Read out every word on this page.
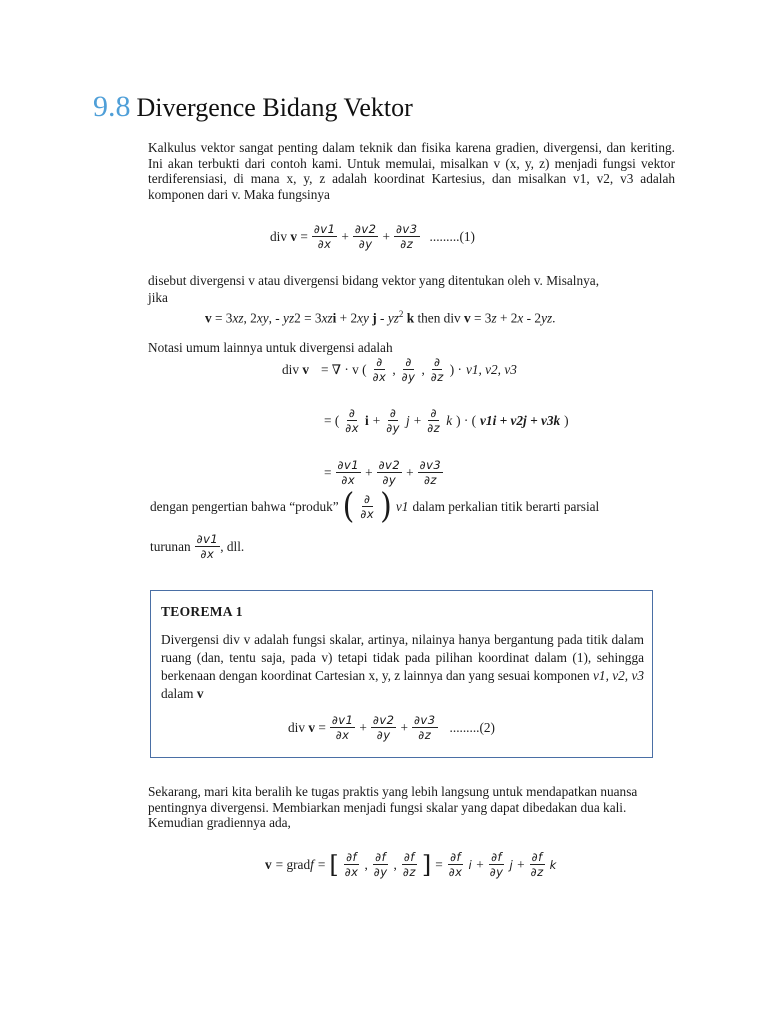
9.8 Divergence Bidang Vektor
Kalkulus vektor sangat penting dalam teknik dan fisika karena gradien, divergensi, dan keriting. Ini akan terbukti dari contoh kami. Untuk memulai, misalkan v (x, y, z) menjadi fungsi vektor terdiferensiasi, di mana x, y, z adalah koordinat Kartesius, dan misalkan v1, v2, v3 adalah komponen dari v. Maka fungsinya
div $v = \frac{\partial v1}{\partial x} + \frac{\partial v2}{\partial y} + \frac{\partial v3}{\partial z} .........(1)$
disebut divergensi v atau divergensi bidang vektor yang ditentukan oleh v. Misalnya,
jika
v = 3xz, 2xy, - yz2 = 3xzi + 2xy j - $yz^2$ k then div v = 3z + 2x - 2yz.
Notasi umum lainnya untuk divergensi adalah
div v = ∇ · v ( $\frac{\partial}{\partial x}$ , $\frac{\partial}{\partial y}$ , $\frac{\partial}{\partial z}$ ) · v1, v2, v3
= ( $\frac{\partial}{\partial x}$ $i + \frac{\partial}{\partial y}$ $j + \frac{\partial}{\partial z}$ k ) · ( v1i + v2j + v3k )
= $\frac{\partial v1}{\partial x} + \frac{\partial v2}{\partial y} + \frac{\partial v3}{\partial z}$
dengan pengertian bahwa “produk” ( $\frac{\partial}{\partial x}$ ) v1 dalam perkalian titik berarti parsial
turunan $\frac{\partial v1}{\partial x}$ , dll.
TEOREMA 1
Divergensi div v adalah fungsi skalar, artinya, nilainya hanya bergantung pada titik dalam ruang (dan, tentu saja, pada v) tetapi tidak pada pilihan koordinat dalam (1), sehingga berkenaan dengan koordinat Cartesian x, y, z lainnya dan yang sesuai komponen v1, v2, v3 dalam v
div $v = \frac{\partial v1}{\partial x} + \frac{\partial v2}{\partial y} + \frac{\partial v3}{\partial z} .........(2)$
Sekarang, mari kita beralih ke tugas praktis yang lebih langsung untuk mendapatkan nuansa pentingnya divergensi. Membiarkan menjadi fungsi skalar yang dapat dibedakan dua kali. Kemudian gradiennya ada,
v = grad f = [ $\frac{\partial f}{\partial x}$ , $\frac{\partial f}{\partial y}$ , $\frac{\partial f}{\partial z}$ ] = $\frac{\partial f}{\partial x}$ $i + \frac{\partial f}{\partial y}$ $j + \frac{\partial f}{\partial z}$ k
